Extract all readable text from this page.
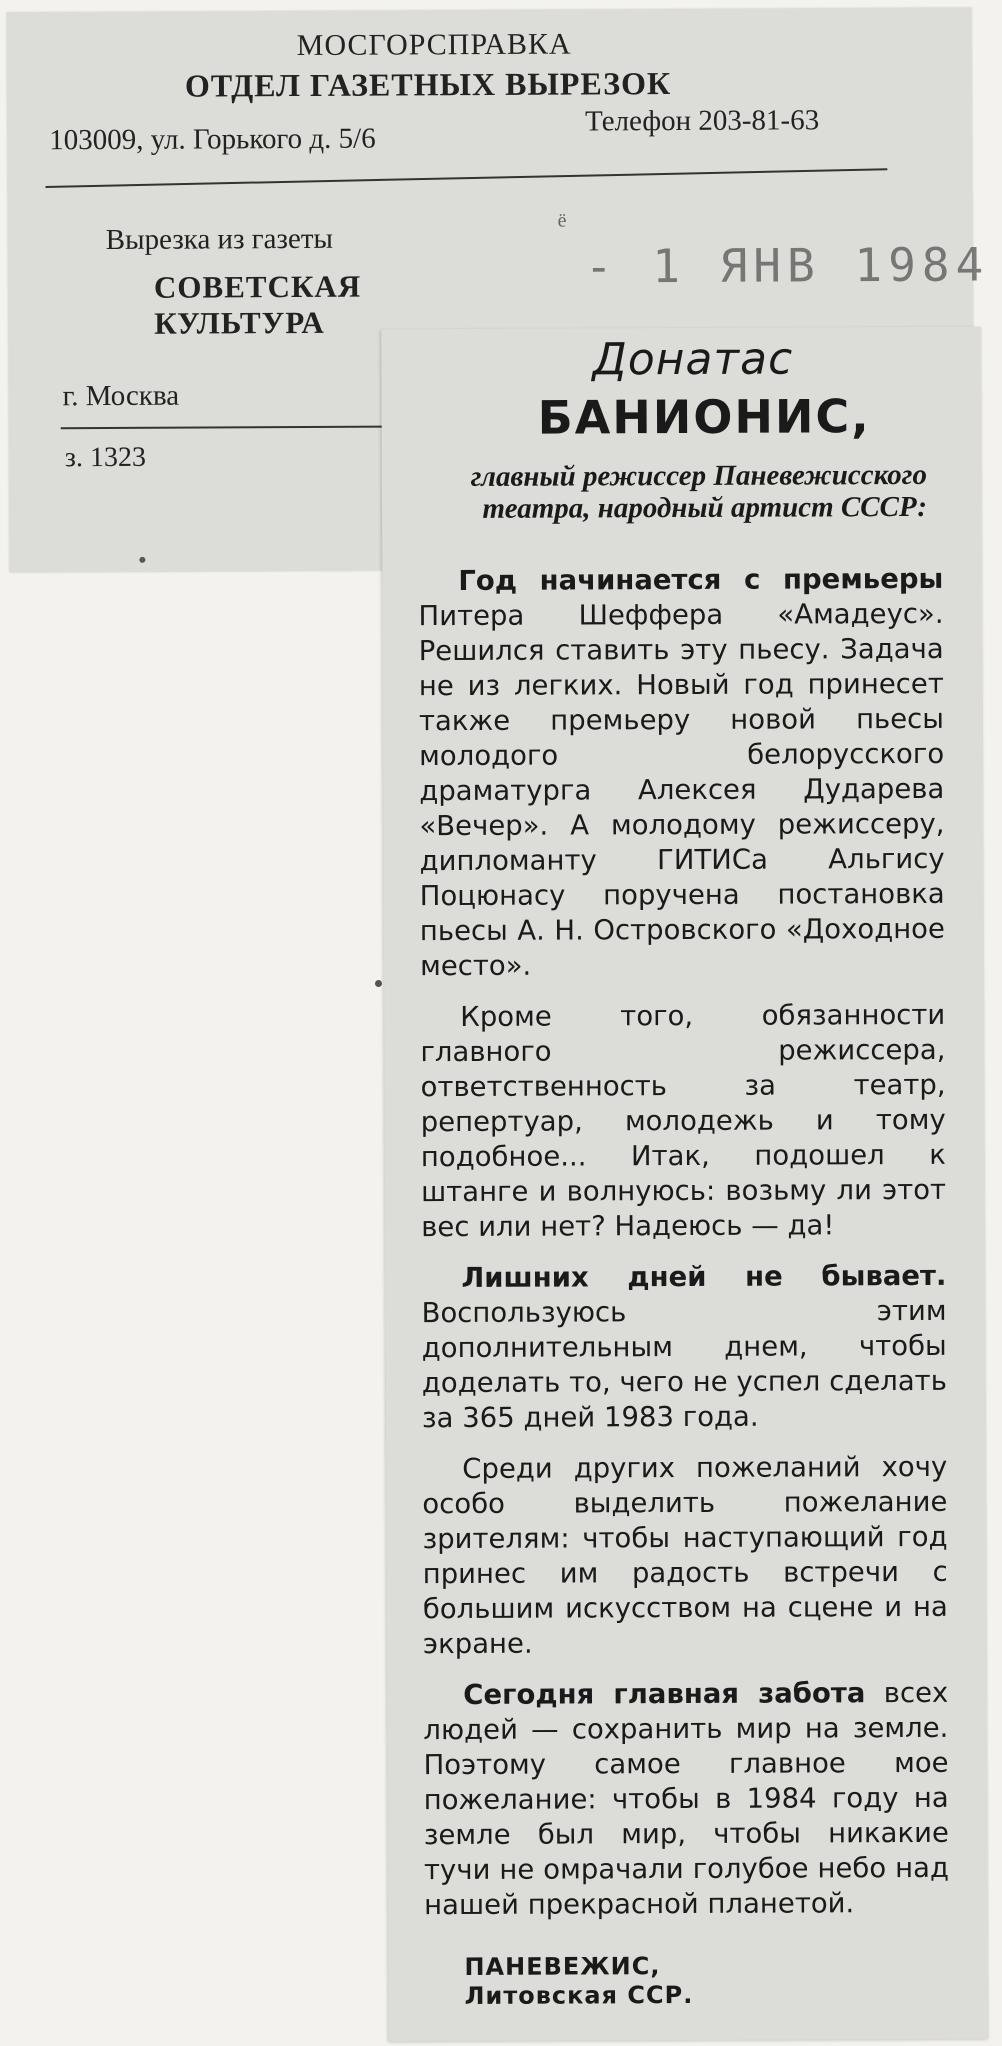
МОСГОРСПРАВКА
ОТДЕЛ ГАЗЕТНЫХ ВЫРЕЗОК
103009, ул. Горького д. 5/6
Телефон 203-81-63
Вырезка из газеты
СОВЕТСКАЯ
КУЛЬТУРА
г. Москва
з. 1323
ё
- 1 ЯНВ 1984
Донатас
БАНИОНИС,
главный режиссер Паневежисского театра, народный артист СССР:

Год начинается с премьеры Питера Шеффера «Амадеус». Решился ставить эту пьесу. Задача не из легких. Новый год принесет также премьеру новой пьесы молодого белорусского драматурга Алексея Дударева «Вечер». А молодому режиссеру, дипломанту ГИТИСа Альгису Поцюнасу поручена постановка пьесы А. Н. Островского «Доходное место».

Кроме того, обязанности главного режиссера, ответственность за театр, репертуар, молодежь и тому подобное... Итак, подошел к штанге и волнуюсь: возьму ли этот вес или нет? Надеюсь — да!

Лишних дней не бывает. Воспользуюсь этим дополнительным днем, чтобы доделать то, чего не успел сделать за 365 дней 1983 года.

Среди других пожеланий хочу особо выделить пожелание зрителям: чтобы наступающий год принес им радость встречи с большим искусством на сцене и на экране.

Сегодня главная забота всех людей — сохранить мир на земле. Поэтому самое главное мое пожелание: чтобы в 1984 году на земле был мир, чтобы никакие тучи не омрачали голубое небо над нашей прекрасной планетой.

ПАНЕВЕЖИС,
Литовская ССР.
